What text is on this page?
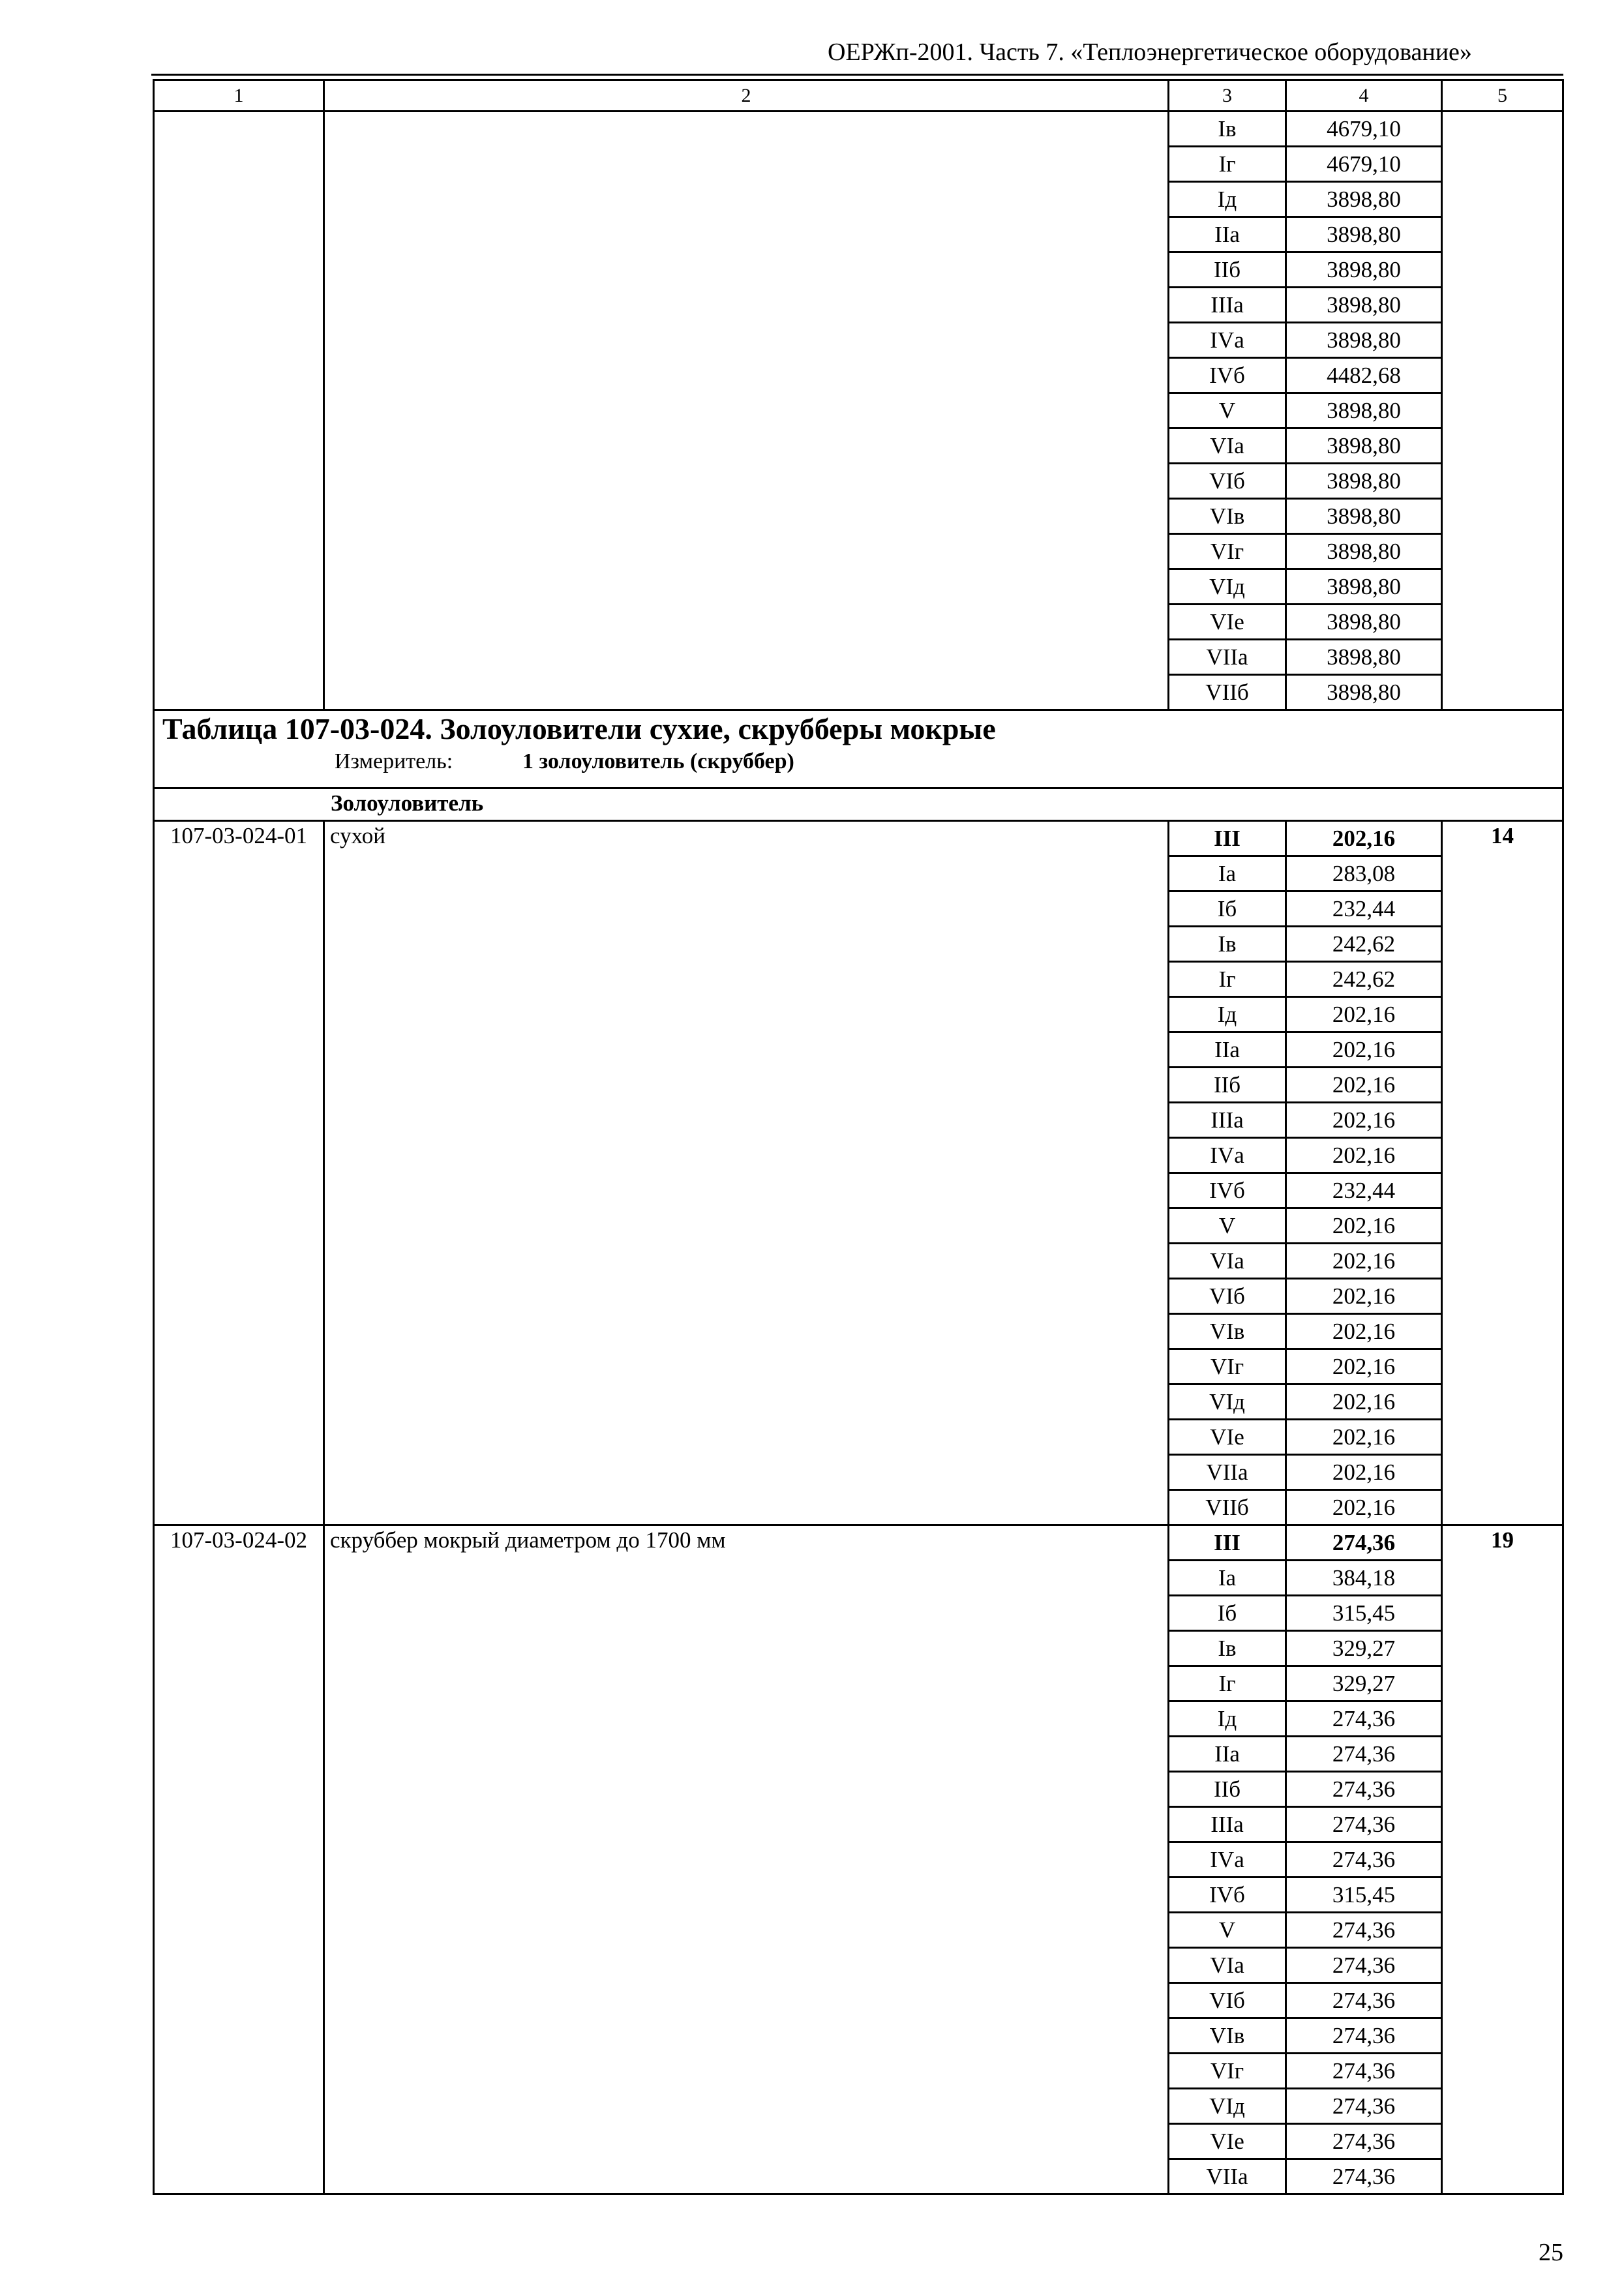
ОЕРЖп-2001. Часть 7. «Теплоэнергетическое оборудование»
1	2	3	4	5
		Iв	4679,10	
		Iг	4679,10	
		Iд	3898,80	
		IIа	3898,80	
		IIб	3898,80	
		IIIа	3898,80	
		IVа	3898,80	
		IVб	4482,68	
		V	3898,80	
		VIа	3898,80	
		VIб	3898,80	
		VIв	3898,80	
		VIг	3898,80	
		VIд	3898,80	
		VIе	3898,80	
		VIIа	3898,80	
		VIIб	3898,80	

Таблица 107-03-024. Золоуловители сухие, скрубберы мокрые
Измеритель: 1 золоуловитель (скруббер)				

Золоуловитель				
107-03-024-01	сухой	III	202,16	14
		Iа	283,08	
		Iб	232,44	
		Iв	242,62	
		Iг	242,62	
		Iд	202,16	
		IIа	202,16	
		IIб	202,16	
		IIIа	202,16	
		IVа	202,16	
		IVб	232,44	
		V	202,16	
		VIа	202,16	
		VIб	202,16	
		VIв	202,16	
		VIг	202,16	
		VIд	202,16	
		VIе	202,16	
		VIIа	202,16	
		VIIб	202,16	
107-03-024-02	скруббер мокрый диаметром до 1700 мм	III	274,36	19
		Iа	384,18	
		Iб	315,45	
		Iв	329,27	
		Iг	329,27	
		Iд	274,36	
		IIа	274,36	
		IIб	274,36	
		IIIа	274,36	
		IVа	274,36	
		IVб	315,45	
		V	274,36	
		VIа	274,36	
		VIб	274,36	
		VIв	274,36	
		VIг	274,36	
		VIд	274,36	
		VIе	274,36	
		VIIа	274,36	
25
